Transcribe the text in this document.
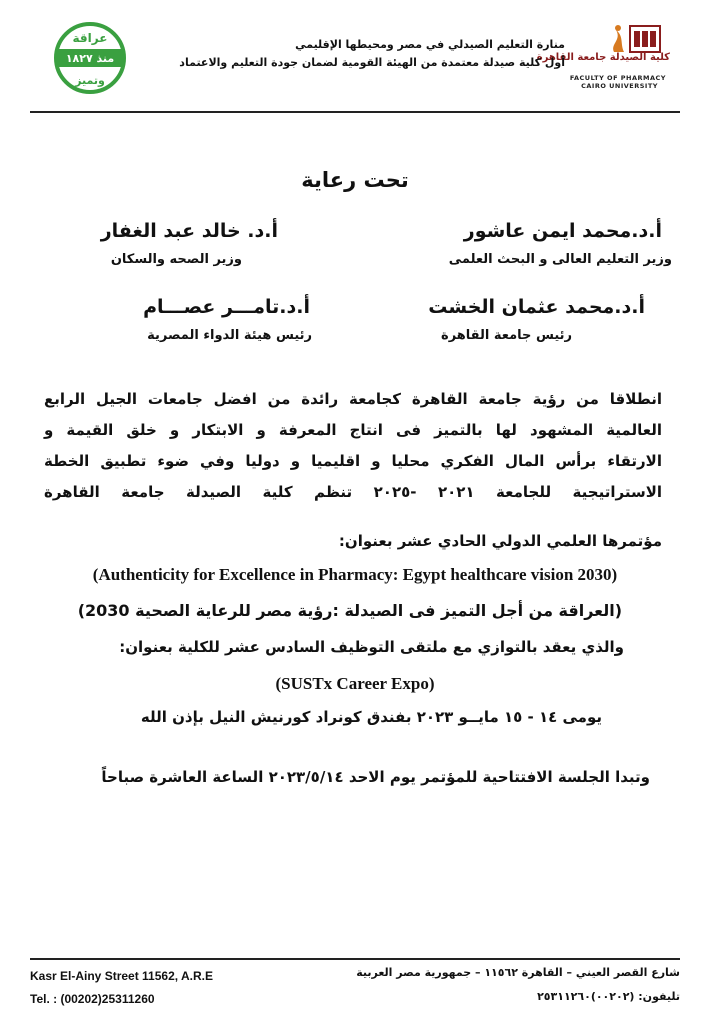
كلية الصيدلة جامعة القاهرة
FACULTY OF PHARMACY
CAIRO UNIVERSITY
منارة التعليم الصيدلي في مصر ومحيطها الإقليمي
أول كلية صيدلة معتمدة من الهيئة القومية لضمان جودة التعليم والاعتماد
منذ ١٨٢٧
عراقة
وتميز
تحت رعاية
أ.د.محمد ايمن عاشور
وزير التعليم العالى و البحث العلمى
أ.د. خالد عبد الغفار
وزير الصحه والسكان
أ.د.محمد عثمان الخشت
رئيس جامعة القاهرة
أ.د.تامـــر عصـــام
رئيس هيئة الدواء المصرية
انطلاقا من رؤية جامعة القاهرة كجامعة رائدة من افضل جامعات الجيل الرابع
العالمية المشهود لها بالتميز فى انتاج المعرفة و الابتكار و خلق القيمة و
الارتقاء برأس المال الفكري محليا و اقليميا و دوليا وفي ضوء تطبيق الخطة
الاستراتيجية للجامعة ٢٠٢١ -٢٠٢٥ تنظم كلية الصيدلة جامعة القاهرة
مؤتمرها العلمي الدولي الحادي عشر بعنوان:
(Authenticity for Excellence in Pharmacy: Egypt healthcare vision 2030)
(العراقة من أجل التميز فى الصيدلة :رؤية مصر للرعاية الصحية 2030)
والذي يعقد بالتوازي مع ملتقى التوظيف السادس عشر للكلية بعنوان:
(SUSTx Career Expo)
يومى ١٤ - ١٥ مايــو ٢٠٢٣ بفندق كونراد كورنيش النيل بإذن الله
وتبدا الجلسة الافتتاحية للمؤتمر يوم الاحد ٢٠٢٣/٥/١٤ الساعة العاشرة صباحاً
Kasr El-Ainy Street 11562, A.R.E
Tel. : (00202)25311260
شارع القصر العيني – القاهرة ١١٥٦٢ – جمهورية مصر العربية
تليفون: (٠٠٢٠٢)٢٥٣١١٢٦٠
